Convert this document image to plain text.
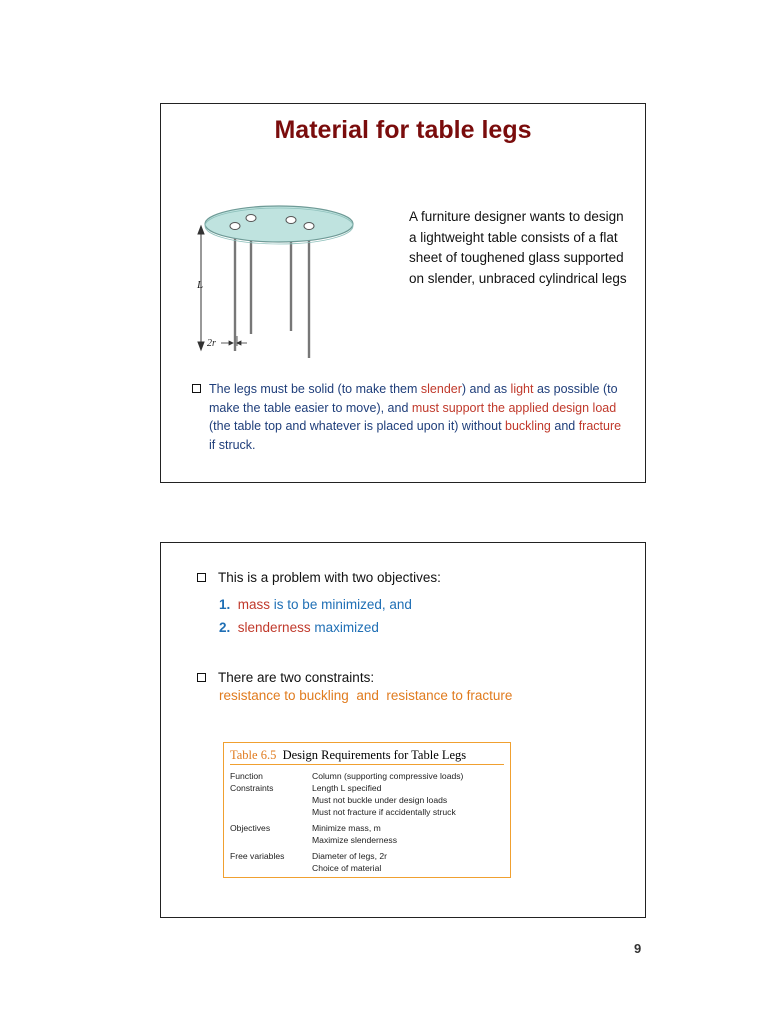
Material for table legs
L
2r
A furniture designer wants to design a lightweight table consists of a flat sheet of toughened glass supported on slender, unbraced cylindrical legs
The legs must be solid (to make them slender) and as light as possible (to make the table easier to move), and must support the applied design load (the table top and whatever is placed upon it) without buckling and fracture if struck.
This is a problem with two objectives:
1. mass is to be minimized, and
2. slenderness maximized
There are two constraints:
resistance to buckling  and  resistance to fracture
Table 6.5 Design Requirements for Table Legs
Function	Column (supporting compressive loads)
Constraints	Length L specified
Must not buckle under design loads
Must not fracture if accidentally struck
Objectives	Minimize mass, m
Maximize slenderness
Free variables	Diameter of legs, 2r
Choice of material
9
